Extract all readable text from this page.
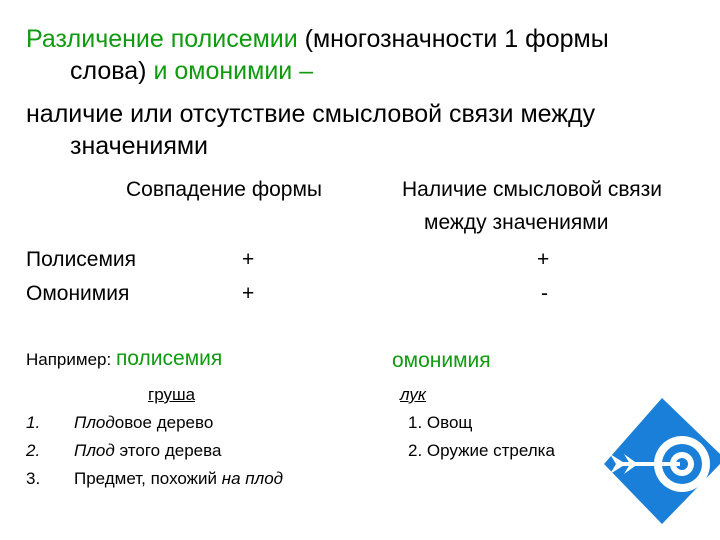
Различение полисемии (многозначности 1 формы
слова) и омонимии –
наличие или отсутствие смысловой связи между
значениями
Совпадение формы	Наличие смысловой связи
между значениями
Полисемия	+	+
Омонимия	+	-
Например: полисемия	омонимия
груша
1. Плодовое дерево
2. Плод этого дерева
3. Предмет, похожий на плод
лук
1. Овощ
2. Оружие стрелка
